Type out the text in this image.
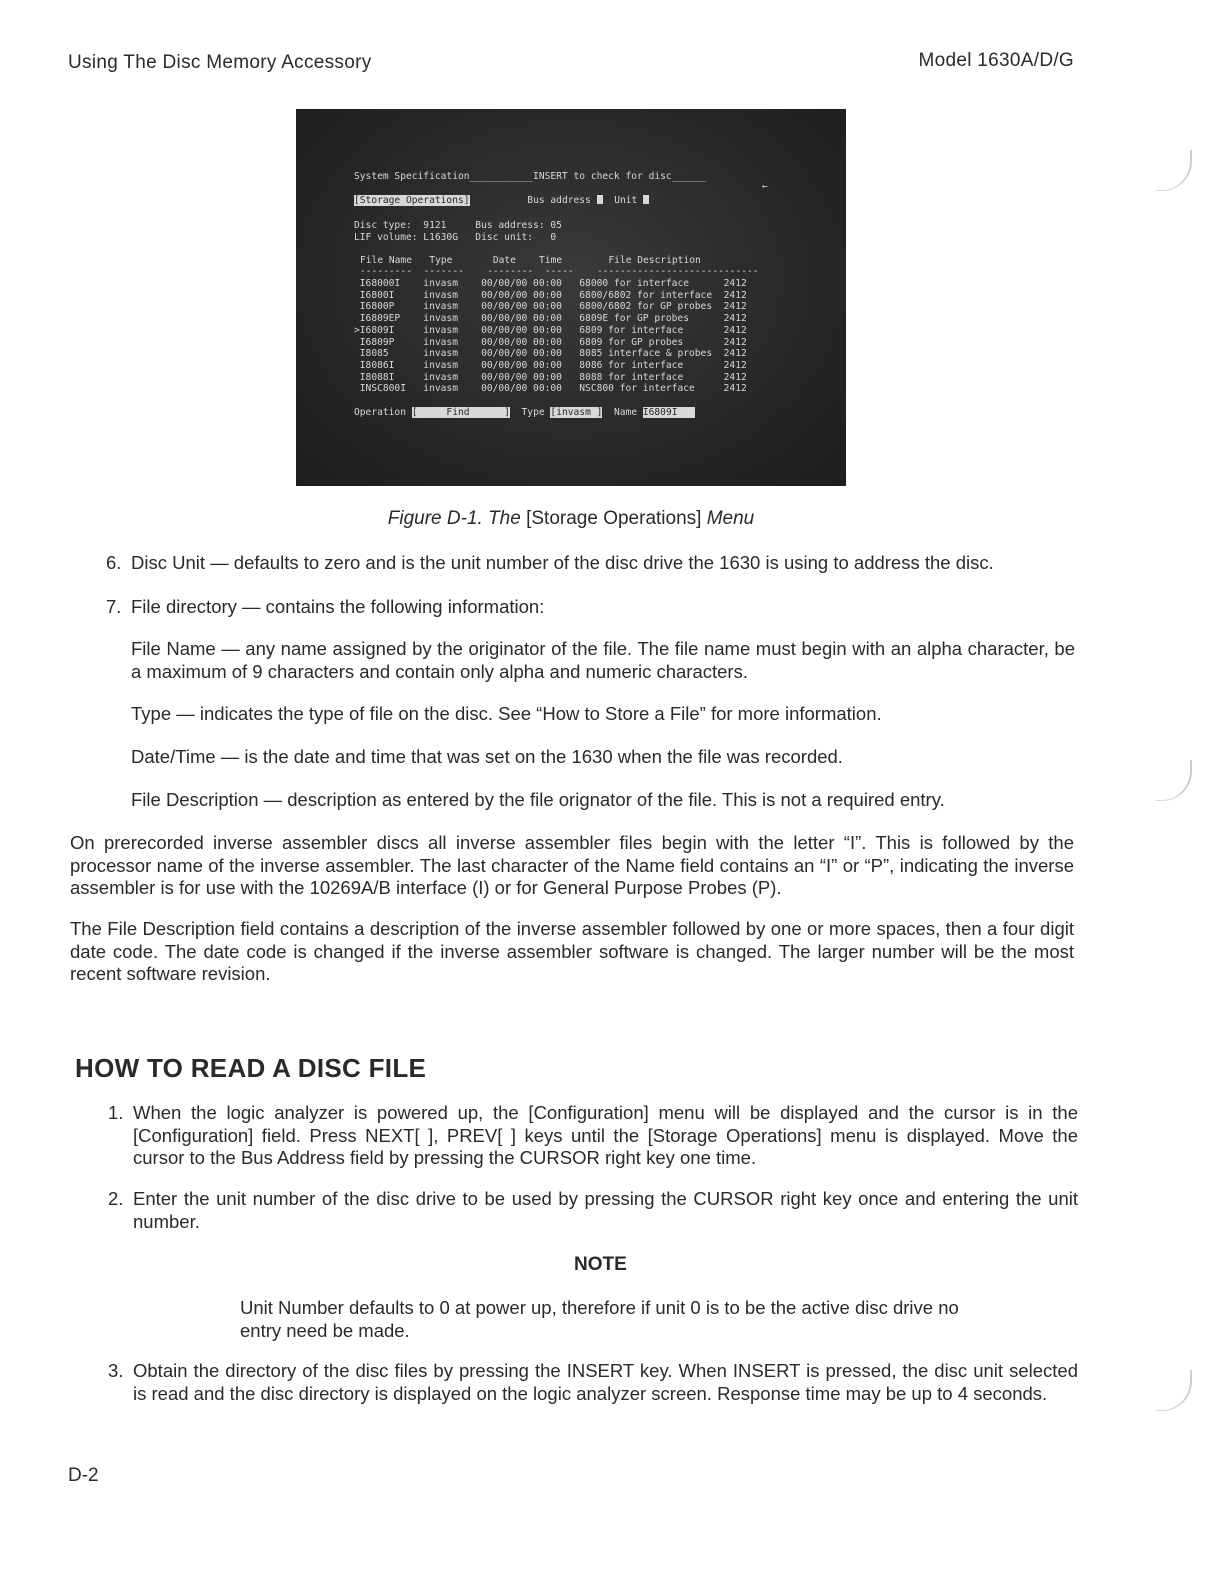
Using The Disc Memory Accessory	Model 1630A/D/G
System Specification___________INSERT to check for disc______
←
[Storage Operations]	Bus address Unit
Disc type:  9121     Bus address: 05
LIF volume: L1630G   Disc unit:   0
File Name   Type       Date    Time        File Description
---------  -------    --------  -----    ----------------------------
I68000I    invasm    00/00/00 00:00   68000 for interface      2412
I6800I     invasm    00/00/00 00:00   6800/6802 for interface  2412
I6800P     invasm    00/00/00 00:00   6800/6802 for GP probes  2412
I6809EP    invasm    00/00/00 00:00   6809E for GP probes      2412
>I6809I     invasm    00/00/00 00:00   6809 for interface       2412
I6809P     invasm    00/00/00 00:00   6809 for GP probes       2412
I8085      invasm    00/00/00 00:00   8085 interface & probes  2412
I8086I     invasm    00/00/00 00:00   8086 for interface       2412
I8088I     invasm    00/00/00 00:00   8088 for interface       2412
INSC800I   invasm    00/00/00 00:00   NSC800 for interface     2412
Operation [     Find      ] Type [invasm ] Name I6809I
Figure D-1. The [Storage Operations] Menu
6. Disc Unit — defaults to zero and is the unit number of the disc drive the 1630 is using to address the disc.
7. File directory — contains the following information:
File Name — any name assigned by the originator of the file. The file name must begin with an alpha character, be a maximum of 9 characters and contain only alpha and numeric characters.
Type — indicates the type of file on the disc. See “How to Store a File” for more information.
Date/Time — is the date and time that was set on the 1630 when the file was recorded.
File Description — description as entered by the file orignator of the file. This is not a required entry.
On prerecorded inverse assembler discs all inverse assembler files begin with the letter “I”. This is followed by the processor name of the inverse assembler. The last character of the Name field contains an “I” or “P”, indicating the inverse assembler is for use with the 10269A/B interface (I) or for General Purpose Probes (P).
The File Description field contains a description of the inverse assembler followed by one or more spaces, then a four digit date code. The date code is changed if the inverse assembler software is changed. The larger number will be the most recent software revision.
HOW TO READ A DISC FILE
1. When the logic analyzer is powered up, the [Configuration] menu will be displayed and the cursor is in the [Configuration] field. Press NEXT[ ], PREV[ ] keys until the [Storage Operations] menu is displayed. Move the cursor to the Bus Address field by pressing the CURSOR right key one time.
2. Enter the unit number of the disc drive to be used by pressing the CURSOR right key once and entering the unit number.
NOTE
Unit Number defaults to 0 at power up, therefore if unit 0 is to be the active disc drive no entry need be made.
3. Obtain the directory of the disc files by pressing the INSERT key. When INSERT is pressed, the disc unit selected is read and the disc directory is displayed on the logic analyzer screen. Response time may be up to 4 seconds.
D-2
